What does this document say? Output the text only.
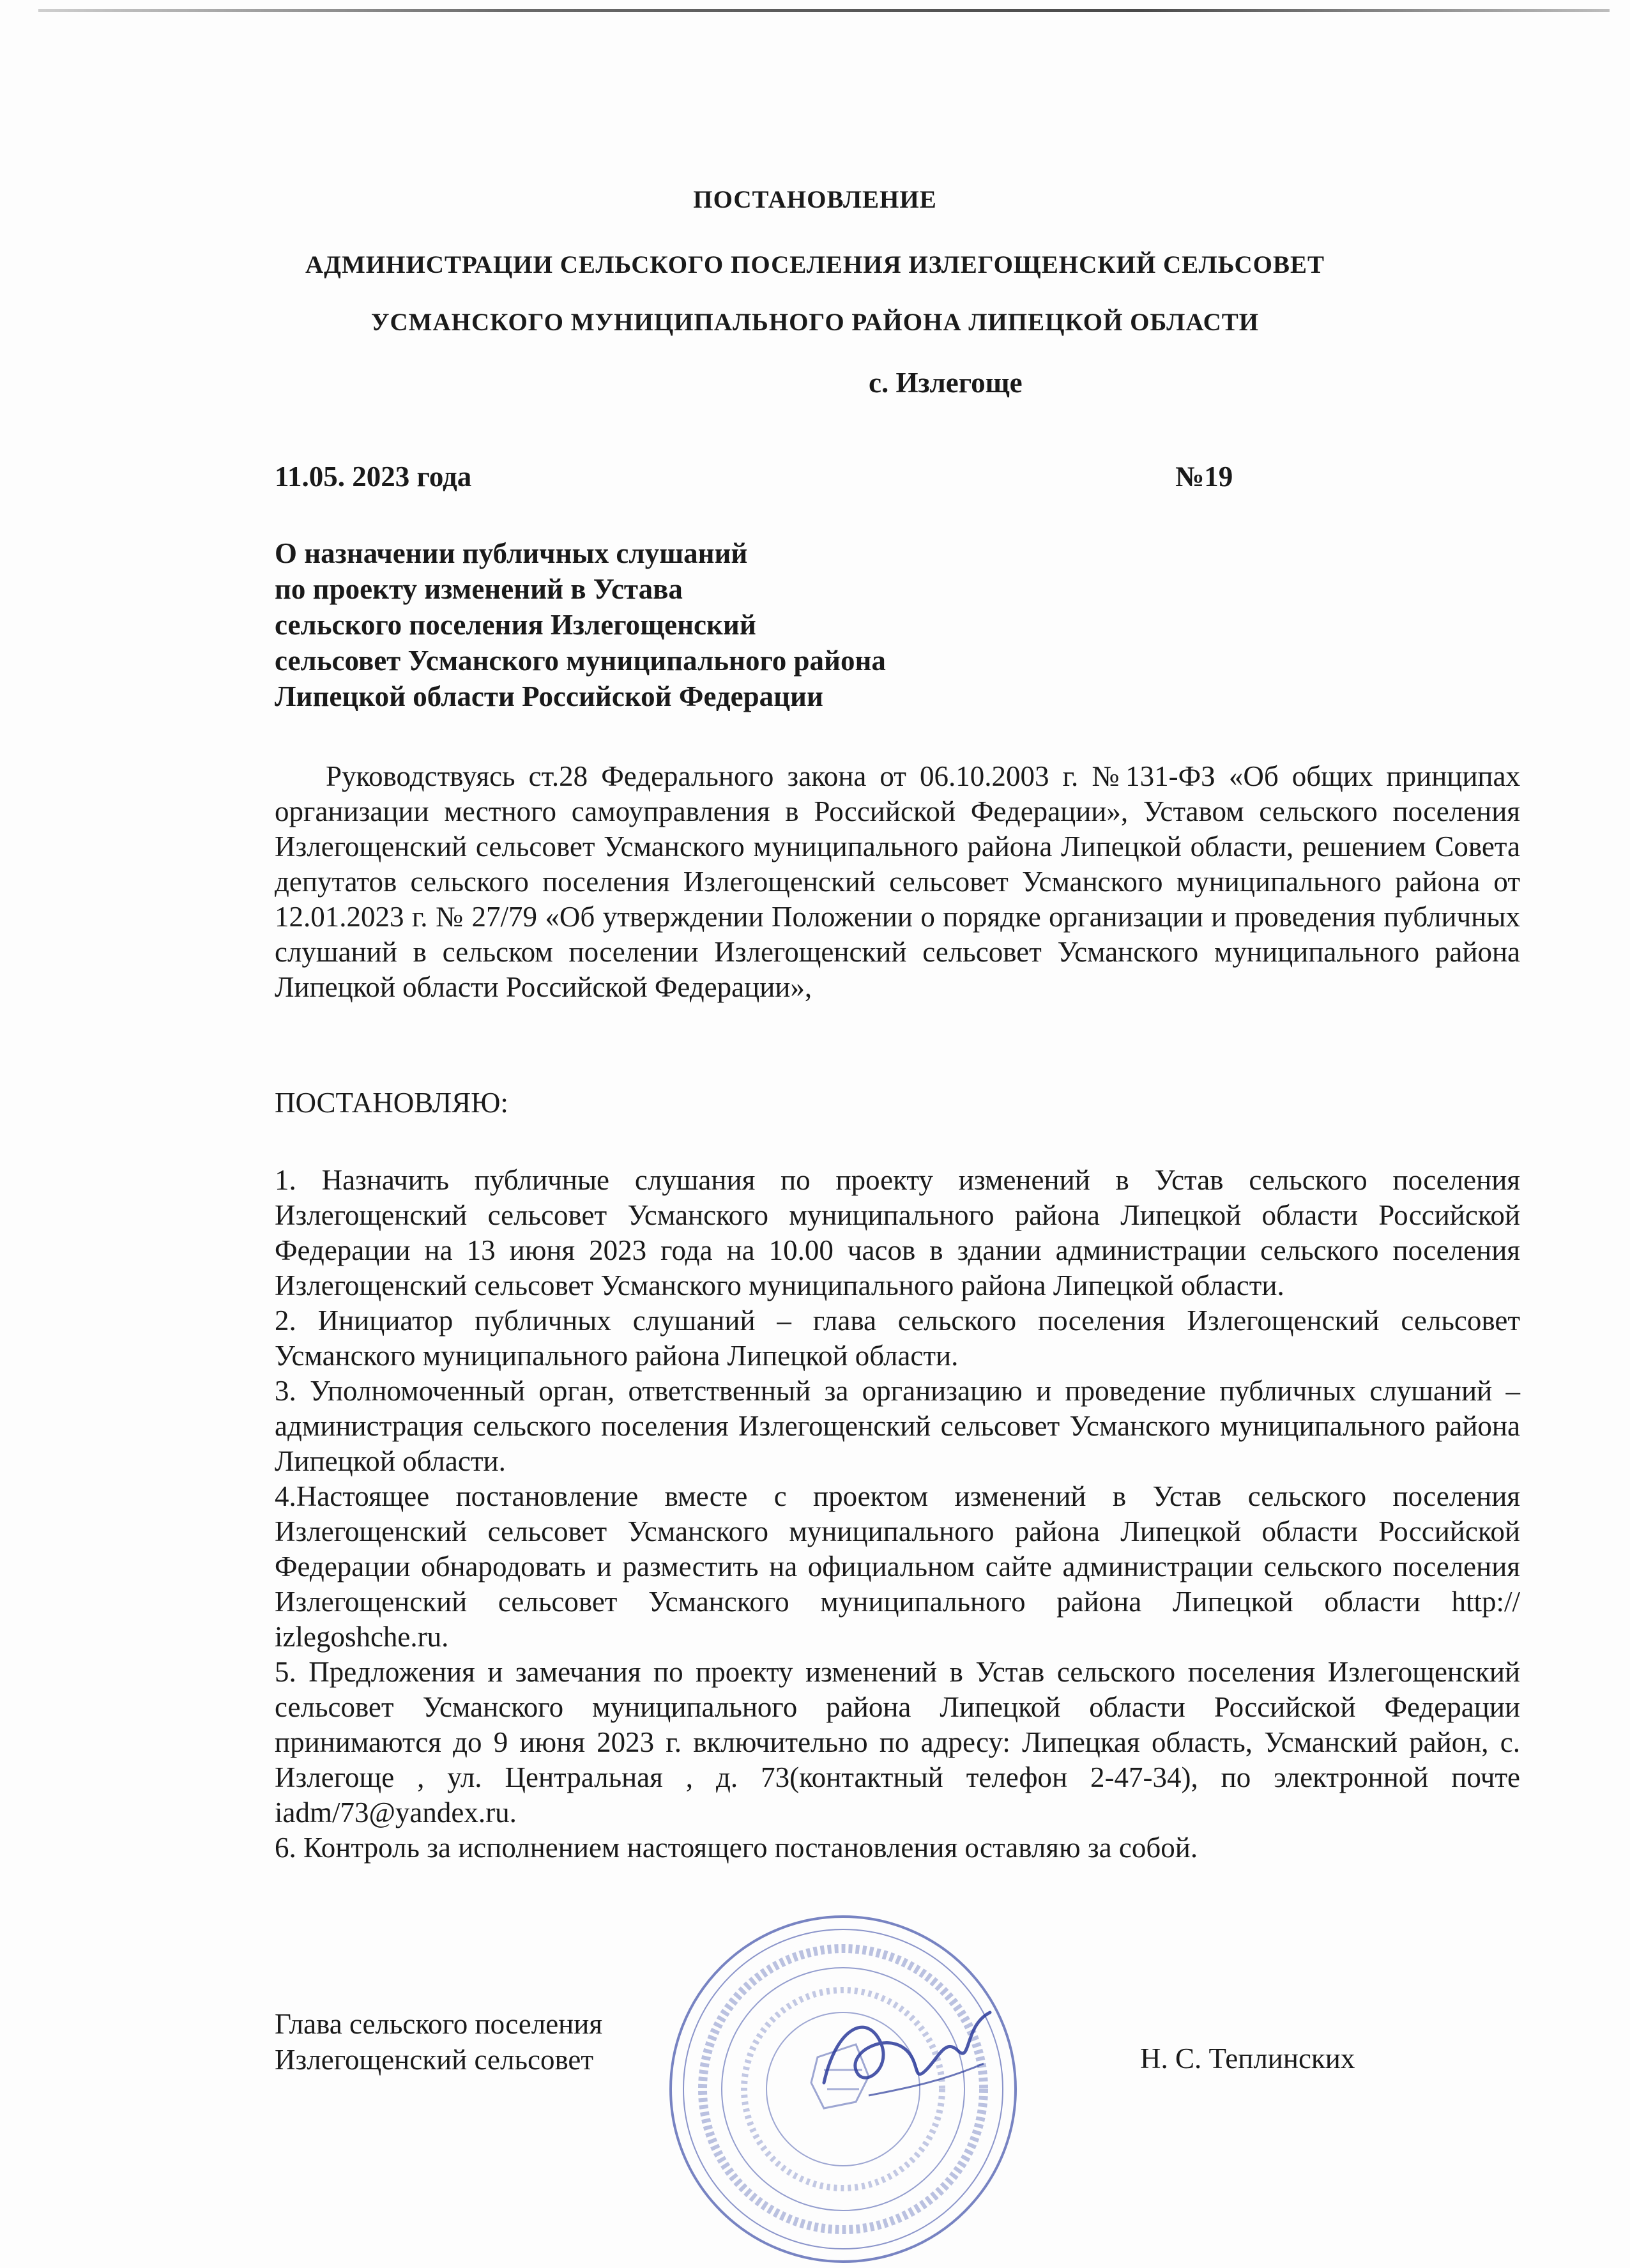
ПОСТАНОВЛЕНИЕ
АДМИНИСТРАЦИИ СЕЛЬСКОГО ПОСЕЛЕНИЯ ИЗЛЕГОЩЕНСКИЙ СЕЛЬСОВЕТ
УСМАНСКОГО МУНИЦИПАЛЬНОГО РАЙОНА ЛИПЕЦКОЙ ОБЛАСТИ
с. Излегоще
11.05. 2023 года	№19
О назначении публичных слушаний
по проекту изменений в Устава
сельского поселения Излегощенский
сельсовет Усманского муниципального района
Липецкой области Российской Федерации
Руководствуясь ст.28 Федерального закона от 06.10.2003 г. №131-ФЗ «Об общих принципах организации местного самоуправления в Российской Федерации», Уставом сельского поселения Излегощенский сельсовет Усманского муниципального района Липецкой области, решением Совета депутатов сельского поселения Излегощенский сельсовет Усманского муниципального района от 12.01.2023 г. № 27/79 «Об утверждении Положении о порядке организации и проведения публичных слушаний в сельском поселении Излегощенский сельсовет Усманского муниципального района Липецкой области Российской Федерации»,
ПОСТАНОВЛЯЮ:

1. Назначить публичные слушания по проекту изменений в Устав сельского поселения Излегощенский сельсовет Усманского муниципального района Липецкой области Российской Федерации на 13 июня 2023 года на 10.00 часов в здании администрации сельского поселения Излегощенский сельсовет Усманского муниципального района Липецкой области.

2. Инициатор публичных слушаний – глава сельского поселения Излегощенский сельсовет Усманского муниципального района Липецкой области.

3. Уполномоченный орган, ответственный за организацию и проведение публичных слушаний – администрация сельского поселения Излегощенский сельсовет Усманского муниципального района Липецкой области.

4.Настоящее постановление вместе с проектом изменений в Устав сельского поселения Излегощенский сельсовет Усманского муниципального района Липецкой области Российской Федерации обнародовать и разместить на официальном сайте администрации сельского поселения Излегощенский сельсовет Усманского муниципального района Липецкой области http:// izlegoshche.ru.

5. Предложения и замечания по проекту изменений в Устав сельского поселения Излегощенский сельсовет Усманского муниципального района Липецкой области Российской Федерации принимаются до 9 июня 2023 г. включительно по адресу: Липецкая область, Усманский район, с. Излегоще , ул. Центральная , д. 73(контактный телефон 2-47-34), по электронной почте iadm/73@yandex.ru.

6. Контроль за исполнением настоящего постановления оставляю за собой.

Глава сельского поселения
Излегощенский сельсовет	Н. С. Теплинских
